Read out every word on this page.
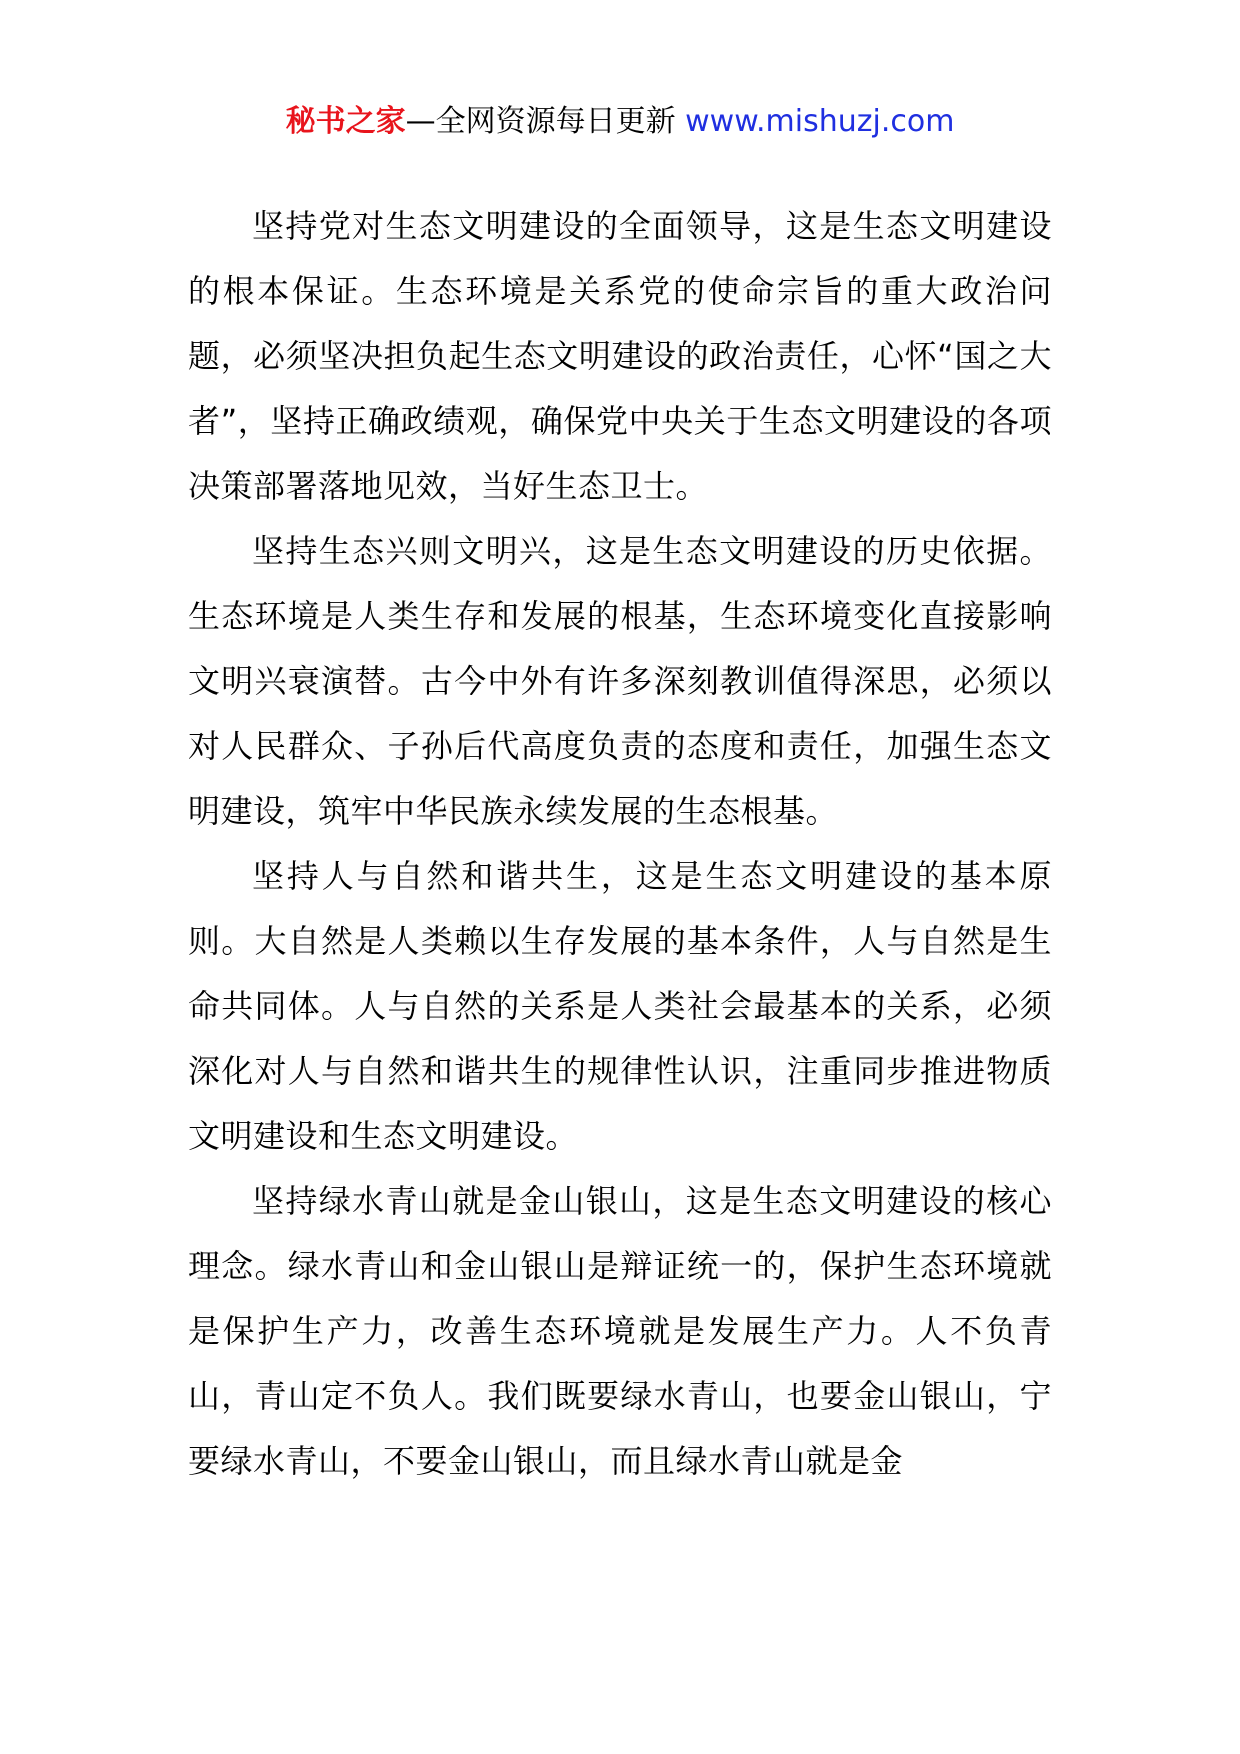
秘书之家—全网资源每日更新 www.mishuzj.com

坚持党对生态文明建设的全面领导，这是生态文明建设的根本保证。生态环境是关系党的使命宗旨的重大政治问题，必须坚决担负起生态文明建设的政治责任，心怀“国之大者”，坚持正确政绩观，确保党中央关于生态文明建设的各项决策部署落地见效，当好生态卫士。

坚持生态兴则文明兴，这是生态文明建设的历史依据。生态环境是人类生存和发展的根基，生态环境变化直接影响文明兴衰演替。古今中外有许多深刻教训值得深思，必须以对人民群众、子孙后代高度负责的态度和责任，加强生态文明建设，筑牢中华民族永续发展的生态根基。

坚持人与自然和谐共生，这是生态文明建设的基本原则。大自然是人类赖以生存发展的基本条件，人与自然是生命共同体。人与自然的关系是人类社会最基本的关系，必须深化对人与自然和谐共生的规律性认识，注重同步推进物质文明建设和生态文明建设。

坚持绿水青山就是金山银山，这是生态文明建设的核心理念。绿水青山和金山银山是辩证统一的，保护生态环境就是保护生产力，改善生态环境就是发展生产力。人不负青山，青山定不负人。我们既要绿水青山，也要金山银山，宁要绿水青山，不要金山银山，而且绿水青山就是金
